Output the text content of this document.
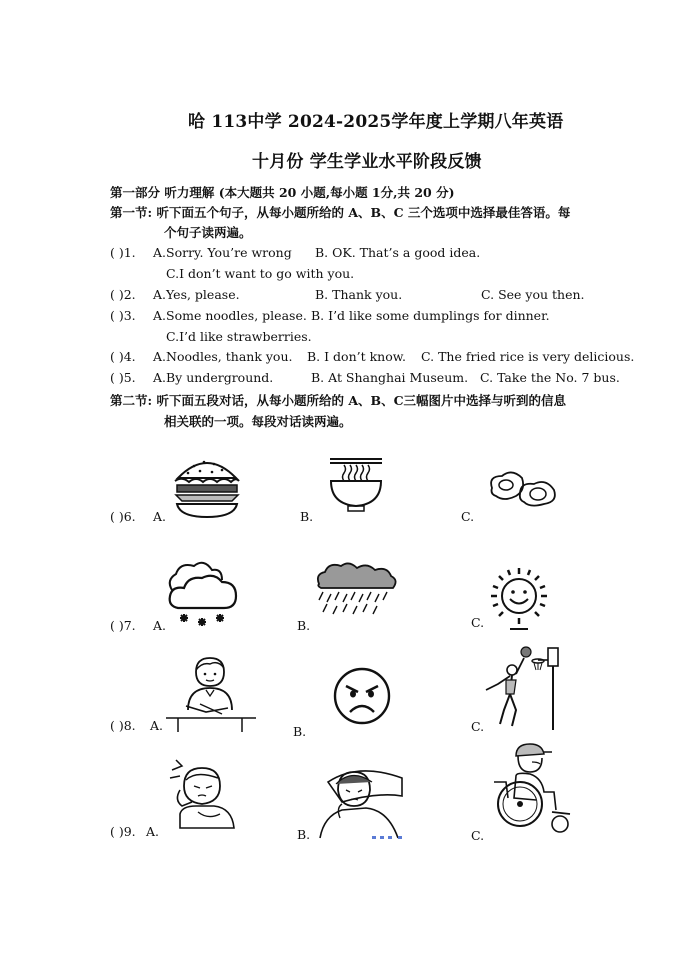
哈 113中学 2024-2025学年度上学期八年英语
十月份 学生学业水平阶段反馈
第一部分 听力理解 (本大题共 20 小题,每小题 1分,共 20 分)
第一节: 听下面五个句子，从每小题所给的 A、B、C 三个选项中选择最佳答语。每
个句子读两遍。
( )1. A.Sorry. You’re wrong B. OK. That’s a good idea.
C.I don’t want to go with you.
( )2. A.Yes, please.	B. Thank you.	C. See you then.
( )3. A.Some noodles, please. B. I’d like some dumplings for dinner.
C.I’d like strawberries.
( )4. A.Noodles, thank you. B. I don’t know. C. The fried rice is very delicious.
( )5. A.By underground.	B. At Shanghai Museum. C. Take the No. 7 bus.
第二节: 听下面五段对话，从每小题所给的 A、B、C三幅图片中选择与听到的信息
相关联的一项。每段对话读两遍。
( )6. A.	B.	C.
( )7. A.	B.	C.
( )8. A.	B.	C.
( )9. A.	B.	C.
